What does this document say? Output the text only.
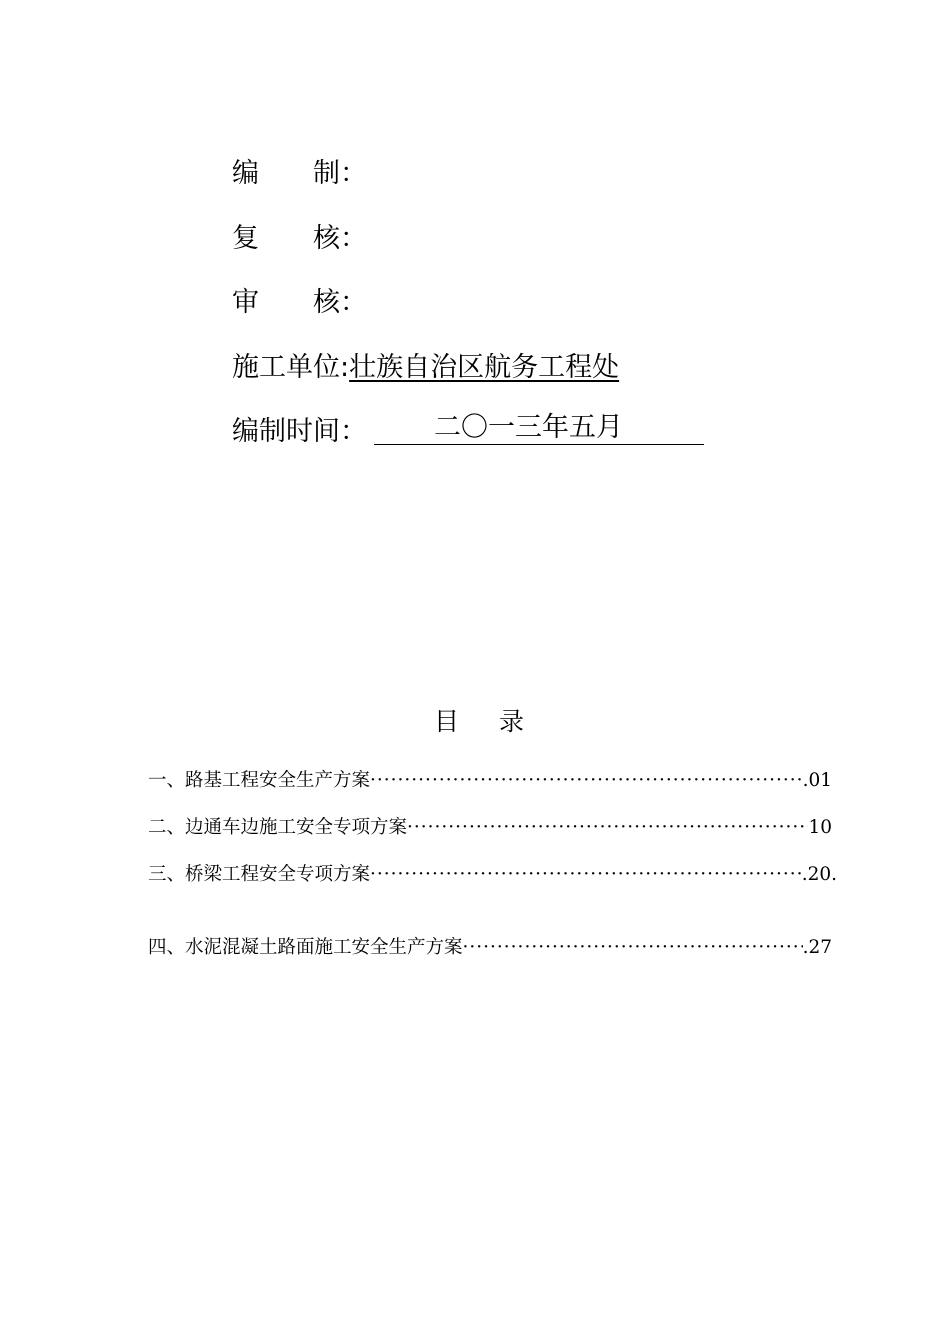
编　　制：
复　　核：
审　　核：
施工单位:壮族自治区航务工程处
编制时间： 二〇一三年五月
目录
一、路基工程安全生产方案 ·····	.01
二、边通车边施工安全专项方案 ·····	10
三、桥梁工程安全专项方案 ·····	.20.
四、水泥混凝土路面施工安全生产方案 ·····	.27
